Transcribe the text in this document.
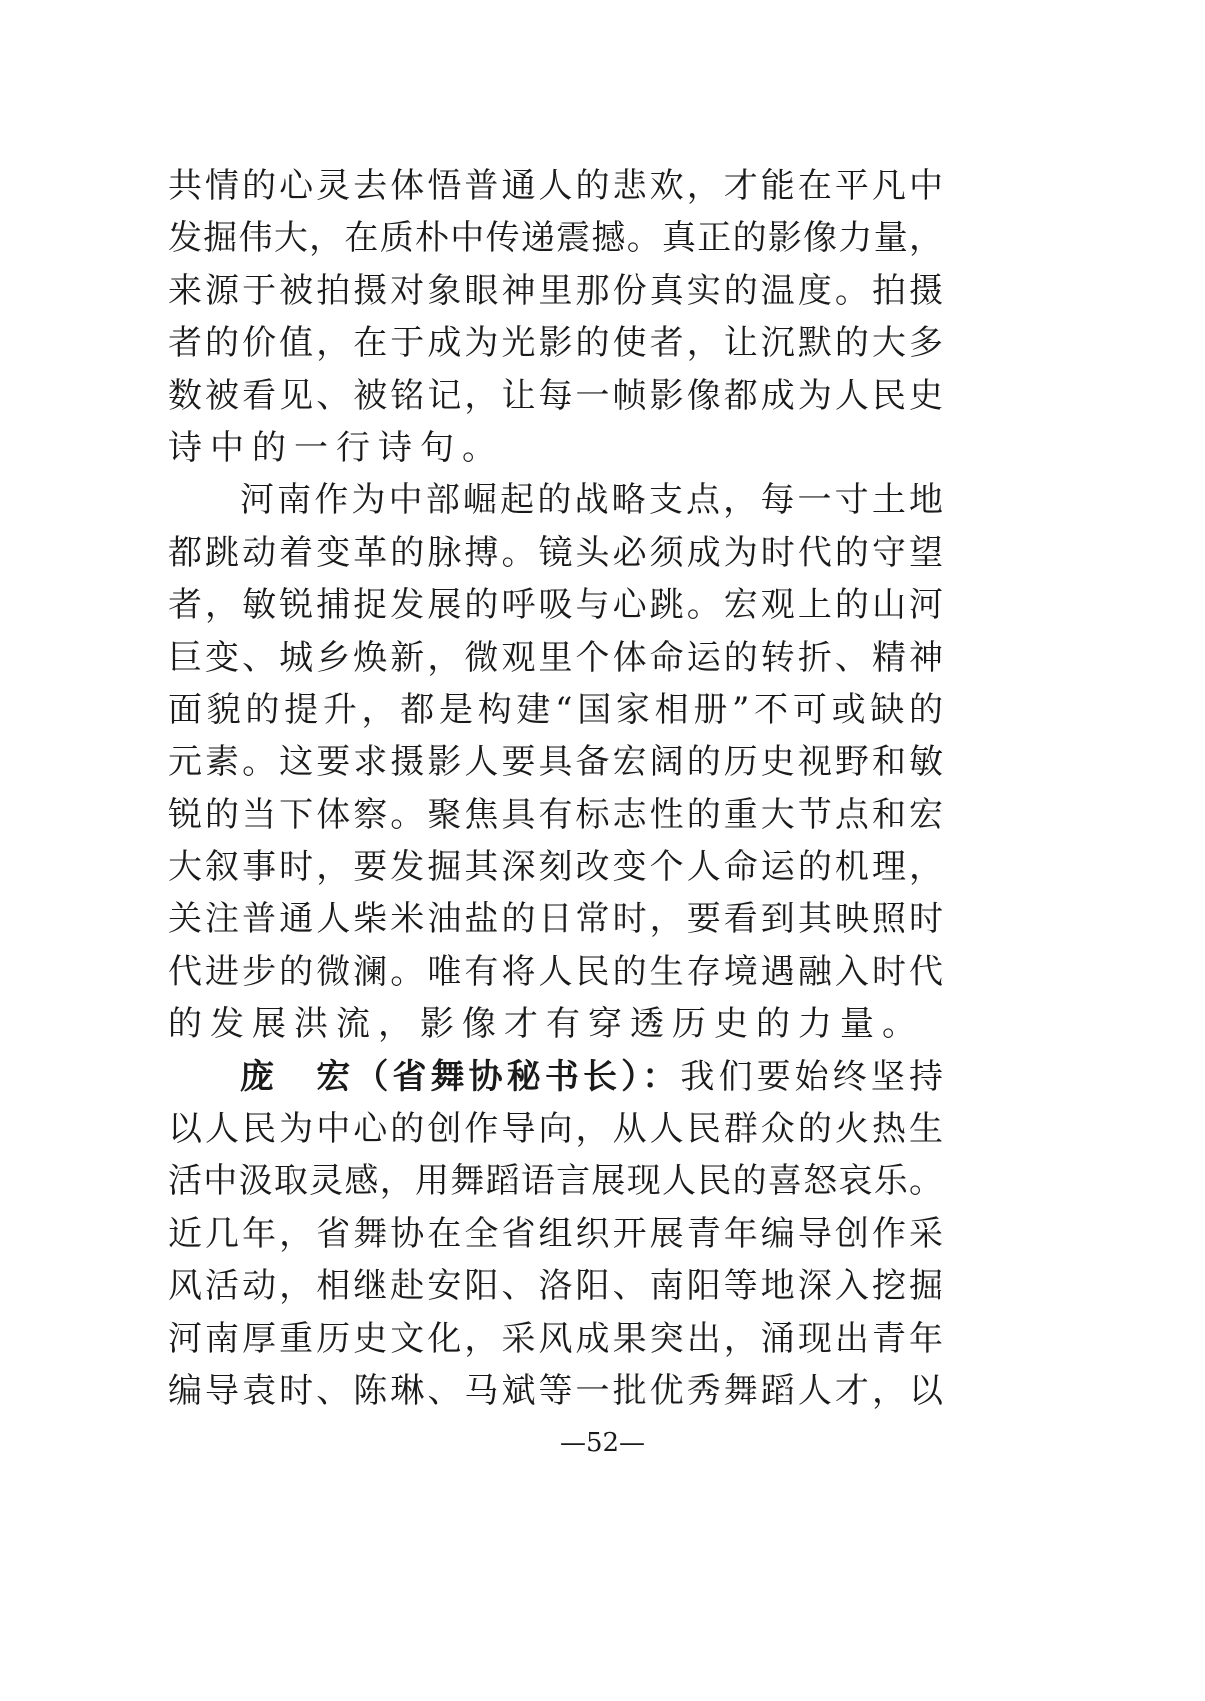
共情的心灵去体悟普通人的悲欢，才能在平凡中
发掘伟大，在质朴中传递震撼。真正的影像力量，
来源于被拍摄对象眼神里那份真实的温度。拍摄
者的价值，在于成为光影的使者，让沉默的大多
数被看见、被铭记，让每一帧影像都成为人民史
诗中的一行诗句。
河南作为中部崛起的战略支点，每一寸土地
都跳动着变革的脉搏。镜头必须成为时代的守望
者，敏锐捕捉发展的呼吸与心跳。宏观上的山河
巨变、城乡焕新，微观里个体命运的转折、精神
面貌的提升，都是构建“国家相册”不可或缺的
元素。这要求摄影人要具备宏阔的历史视野和敏
锐的当下体察。聚焦具有标志性的重大节点和宏
大叙事时，要发掘其深刻改变个人命运的机理，
关注普通人柴米油盐的日常时，要看到其映照时
代进步的微澜。唯有将人民的生存境遇融入时代
的发展洪流，影像才有穿透历史的力量。
庞　宏（省舞协秘书长）：我们要始终坚持
以人民为中心的创作导向，从人民群众的火热生
活中汲取灵感，用舞蹈语言展现人民的喜怒哀乐。
近几年，省舞协在全省组织开展青年编导创作采
风活动，相继赴安阳、洛阳、南阳等地深入挖掘
河南厚重历史文化，采风成果突出，涌现出青年
编导袁时、陈琳、马斌等一批优秀舞蹈人才，以
—52—
